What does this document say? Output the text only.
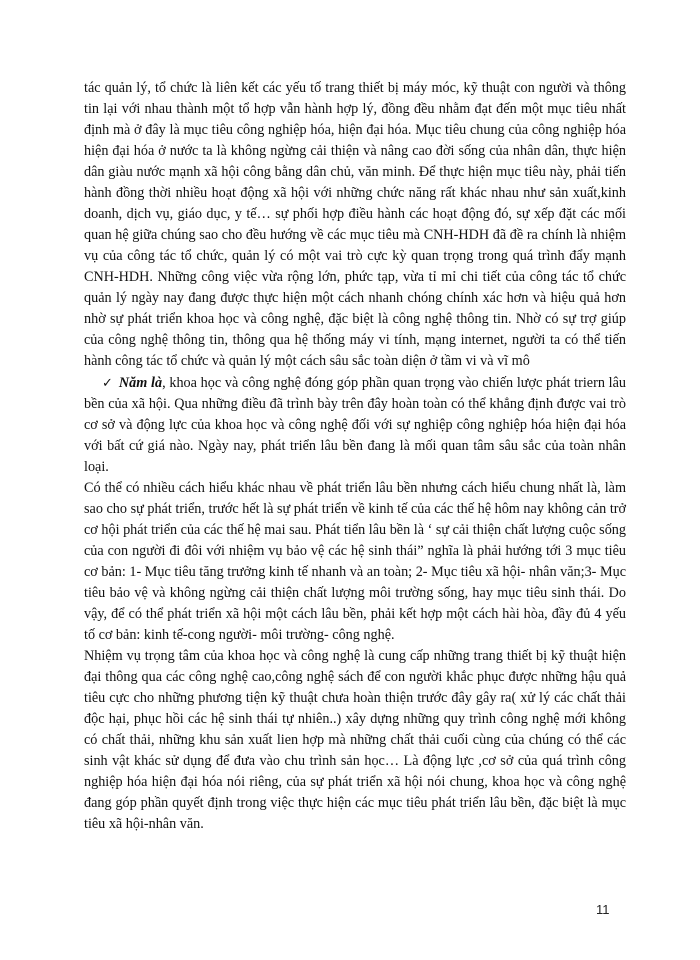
tác quản lý, tổ chức là liên kết các yếu tố trang thiết bị máy móc, kỹ thuật con người và thông tin lại với nhau thành một tổ hợp vẫn hành hợp lý, đồng đều nhằm đạt đến một mục tiêu nhất định mà ở đây là mục tiêu công nghiệp hóa, hiện đại hóa. Mục tiêu chung của công nghiệp hóa hiện đại hóa ở nước ta là không ngừng cải thiện và nâng cao đời sống của nhân dân, thực hiện dân giàu nước mạnh xã hội công bằng dân chủ, văn minh. Để thực hiện mục tiêu này, phải tiến hành đồng thời nhiều hoạt động xã hội với những chức năng rất khác nhau như sản xuất,kinh doanh, dịch vụ, giáo dục, y tế… sự phối hợp điều hành các hoạt động đó, sự xếp đặt các mối quan hệ giữa chúng sao cho đều hướng về các mục tiêu mà CNH-HDH đã đề ra chính là nhiệm vụ của công tác tổ chức, quản lý có một vai trò cực kỳ quan trọng trong quá trình đẩy mạnh CNH-HDH. Những công việc vừa rộng lớn, phức tạp, vừa tỉ mỉ chi tiết của công tác tổ chức quản lý ngày nay đang được thực hiện một cách nhanh chóng chính xác hơn và hiệu quả hơn nhờ sự phát triển khoa học và công nghệ, đặc biệt là công nghệ thông tin. Nhờ có sự trợ giúp của công nghệ thông tin, thông qua hệ thống máy vi tính, mạng internet, người ta có thể tiến hành công tác tổ chức và quản lý một cách sâu sắc toàn diện ở tầm vi và vĩ mô

✓ Năm là, khoa học và công nghệ đóng góp phần quan trọng vào chiến lược phát triern lâu bền của xã hội. Qua những điều đã trình bày trên đây hoàn toàn có thể khẳng định được vai trò cơ sở và động lực của khoa học và công nghệ đối với sự nghiệp công nghiệp hóa hiện đại hóa với bất cứ giá nào. Ngày nay, phát triển lâu bền đang là mối quan tâm sâu sắc của toàn nhân loại.

Có thể có nhiều cách hiểu khác nhau về phát triển lâu bền nhưng cách hiểu chung nhất là, làm sao cho sự phát triển, trước hết là sự phát triển về kinh tế của các thế hệ hôm nay không cản trở cơ hội phát triển của các thế hệ mai sau. Phát tiển lâu bền là ‘ sự cải thiện chất lượng cuộc sống của con người đi đôi với nhiệm vụ bảo vệ các hệ sinh thái” nghĩa là phải hướng tới 3 mục tiêu cơ bản: 1- Mục tiêu tăng trưởng kinh tế nhanh và an toàn; 2- Mục tiêu xã hội- nhân văn;3- Mục tiêu bảo vệ và không ngừng cải thiện chất lượng môi trường sống, hay mục tiêu sinh thái. Do vậy, để có thể phát triển xã hội một cách lâu bền, phải kết hợp một cách hài hòa, đầy đủ 4 yếu tố cơ bản: kinh tế-cong người- môi trường- công nghệ.

Nhiệm vụ trọng tâm của khoa học và công nghệ là cung cấp những trang thiết bị kỹ thuật hiện đại thông qua các công nghệ cao,công nghệ sách để con người khắc phục được những hậu quả tiêu cực cho những phương tiện kỹ thuật chưa hoàn thiện trước đây gây ra( xử lý các chất thải độc hại, phục hồi các hệ sinh thái tự nhiên..) xây dựng những quy trình công nghệ mới không có chất thải, những khu sản xuất lien hợp mà những chất thải cuối cùng của chúng có thể các sinh vật khác sử dụng để đưa vào chu trình sản học… Là động lực ,cơ sở của quá trình công nghiệp hóa hiện đại hóa nói riêng, của sự phát triển xã hội nói chung, khoa học và công nghệ đang góp phần quyết định trong việc thực hiện các mục tiêu phát triển lâu bền, đặc biệt là mục tiêu xã hội-nhân văn.

11
